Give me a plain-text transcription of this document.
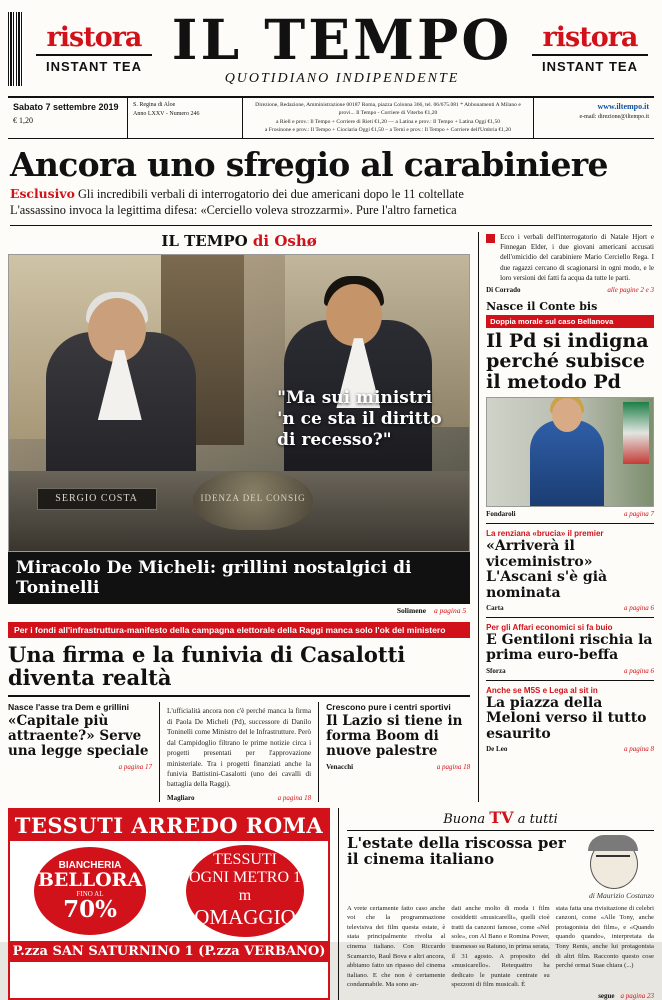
ristora
INSTANT TEA IL TEMPO
QUOTIDIANO INDIPENDENTE
ristora
INSTANT TEA
Sabato 7 settembre 2019
€ 1,20
S. Regina di Aloe
Anno LXXV - Numero 246
Direzione, Redazione, Amministrazione 00187 Roma, piazza Colonna 366, tel. 06/675.081 * Abbonamenti A Milano e provi... Il Tempo - Corriere di Viterbo €1,20
a Riell e prov.: Il Tempo + Corriere di Rieti €1,20 — a Latina e prov.: Il Tempo + Latina Oggi €1,50
a Frosinone e prov.: Il Tempo + Ciociaria Oggi €1,50 – a Terni e prov.: Il Tempo + Corriere dell'Umbria €1,20
www.iltempo.it
e-mail: direzione@iltempo.it
Ancora uno sfregio al carabiniere
Esclusivo Gli incredibili verbali di interrogatorio dei due americani dopo le 11 coltellate
L'assassino invoca la legittima difesa: «Cerciello voleva strozzarmi». Pure l'altro farnetica
IL TEMPO di Oshø
SERGIO COSTA	IDENZA DEL CONSIG
"Ma sui ministri
'n ce sta il diritto
di recesso?"
Miracolo De Micheli: grillini nostalgici di Toninelli
Solimene a pagina 5
Per i fondi all'infrastruttura-manifesto della campagna elettorale della Raggi manca solo l'ok del ministero
Una firma e la funivia di Casalotti diventa realtà
Nasce l'asse tra Dem e grillini
«Capitale più attraente?» Serve una legge speciale
a pagina 17
L'ufficialità ancora non c'è perché manca la firma di Paola De Micheli (Pd), successore di Danilo Toninelli come Ministro del le Infrastrutture. Però dal Campidoglio filtrano le prime notizie circa i progetti presentati per l'approvazione ministeriale. Tra i progetti finanziati anche la funivia Battistini-Casalotti (uno dei cavalli di battaglia della Raggi).
Magliaro	a pagina 18
Crescono pure i centri sportivi
Il Lazio si tiene in forma Boom di nuove palestre
Venacchi	a pagina 18
Ecco i verbali dell'interrogatorio di Natale Hjort e Finnegan Elder, i due giovani americani accusati dell'omicidio del carabiniere Mario Cerciello Rega. I due ragazzi cercano di scagionarsi in ogni modo, e le loro versioni dei fatti fa acqua da tutte le parti.
Di Corrado	alle pagine 2 e 3
Nasce il Conte bis
Doppia morale sul caso Bellanova
Il Pd si indigna perché subisce il metodo Pd
Fondaroli	a pagina 7
La renziana «brucia» il premier
«Arriverà il viceministro» L'Ascani s'è già nominata
Carta	a pagina 6
Per gli Affari economici si fa buio
E Gentiloni rischia la prima euro-beffa
Sforza	a pagina 6
Anche se M5S e Lega al sit in
La piazza della Meloni verso il tutto esaurito
De Leo	a pagina 8
TESSUTI ARREDO ROMA
BIANCHERIA
BELLORA
FINO AL
70%
TESSUTI
OGNI METRO 1 m
OMAGGIO
P.zza SAN SATURNINO 1 (P.zza VERBANO)
Buona TV a tutti
L'estate della riscossa per il cinema italiano
di Maurizio Costanzo
A vrete certamente fatto caso anche voi che la programmazione televisiva dei film questa estate, è stata principalmente rivolta al cinema italiano. Con Riccardo Scamarcio, Raul Bova e altri ancora, abbiamo fatto un ripasso del cinema italiano. E che non è certamente condannabile. Ma sono an-
dati anche molto di moda i film cosiddetti «musicarelli», quelli cioè tratti da canzoni famose, come «Nel sole», con Al Bano e Romina Power, trasmesso su Raiuno, in prima serata, il 31 agosto. A proposito del «musicarello». Retequattro ha dedicato le puntate centrate su spezzoni di film musicali. È
stata fatta una rivisitazione di celebri canzoni, come «Alle Tony, anche protagonista dei film», e «Quando quando quando», interpretata da Tony Renis, anche lui protagonista di altri film. Racconto questo cose perché ormai Suae chiara (...)
segue a pagina 23
